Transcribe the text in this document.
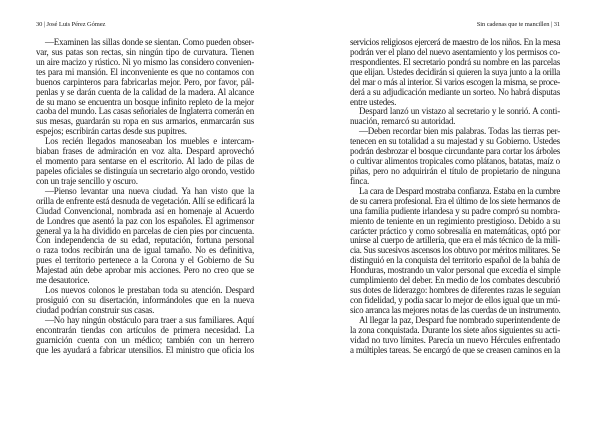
30 | José Luis Pérez Gómez
—Examinen las sillas donde se sientan. Como pueden obser-
var, sus patas son rectas, sin ningún tipo de curvatura. Tienen
un aire macizo y rústico. Ni yo mismo las considero convenien-
tes para mi mansión. El inconveniente es que no contamos con
buenos carpinteros para fabricarlas mejor. Pero, por favor, pál-
penlas y se darán cuenta de la calidad de la madera. Al alcance
de su mano se encuentra un bosque infinito repleto de la mejor
caoba del mundo. Las casas señoriales de Inglaterra comerán en
sus mesas, guardarán su ropa en sus armarios, enmarcarán sus
espejos; escribirán cartas desde sus pupitres.
Los recién llegados manoseaban los muebles e intercam-
biaban frases de admiración en voz alta. Despard aprovechó
el momento para sentarse en el escritorio. Al lado de pilas de
papeles oficiales se distinguía un secretario algo orondo, vestido
con un traje sencillo y oscuro.
—Pienso levantar una nueva ciudad. Ya han visto que la
orilla de enfrente está desnuda de vegetación. Allí se edificará la
Ciudad Convencional, nombrada así en homenaje al Acuerdo
de Londres que asentó la paz con los españoles. El agrimensor
general ya la ha dividido en parcelas de cien pies por cincuenta.
Con independencia de su edad, reputación, fortuna personal
o raza todos recibirán una de igual tamaño. No es definitiva,
pues el territorio pertenece a la Corona y el Gobierno de Su
Majestad aún debe aprobar mis acciones. Pero no creo que se
me desautorice.
Los nuevos colonos le prestaban toda su atención. Despard
prosiguió con su disertación, informándoles que en la nueva
ciudad podrían construir sus casas.
—No hay ningún obstáculo para traer a sus familiares. Aquí
encontrarán tiendas con artículos de primera necesidad. La
guarnición cuenta con un médico; también con un herrero
que les ayudará a fabricar utensilios. El ministro que oficia los
Sin cadenas que te mancillen | 31
servicios religiosos ejercerá de maestro de los niños. En la mesa
podrán ver el plano del nuevo asentamiento y los permisos co-
rrespondientes. El secretario pondrá su nombre en las parcelas
que elijan. Ustedes decidirán si quieren la suya junto a la orilla
del mar o más al interior. Si varios escogen la misma, se proce-
derá a su adjudicación mediante un sorteo. No habrá disputas
entre ustedes.
Despard lanzó un vistazo al secretario y le sonrió. A conti-
nuación, remarcó su autoridad.
—Deben recordar bien mis palabras. Todas las tierras per-
tenecen en su totalidad a su majestad y su Gobierno. Ustedes
podrán desbrozar el bosque circundante para cortar los árboles
o cultivar alimentos tropicales como plátanos, batatas, maíz o
piñas, pero no adquirirán el título de propietario de ninguna
finca.
La cara de Despard mostraba confianza. Estaba en la cumbre
de su carrera profesional. Era el último de los siete hermanos de
una familia pudiente irlandesa y su padre compró su nombra-
miento de teniente en un regimiento prestigioso. Debido a su
carácter práctico y como sobresalía en matemáticas, optó por
unirse al cuerpo de artillería, que era el más técnico de la mili-
cia. Sus sucesivos ascensos los obtuvo por méritos militares. Se
distinguió en la conquista del territorio español de la bahía de
Honduras, mostrando un valor personal que excedía el simple
cumplimiento del deber. En medio de los combates descubrió
sus dotes de liderazgo: hombres de diferentes razas le seguían
con fidelidad, y podía sacar lo mejor de ellos igual que un mú-
sico arranca las mejores notas de las cuerdas de un instrumento.
Al llegar la paz, Despard fue nombrado superintendente de
la zona conquistada. Durante los siete años siguientes su acti-
vidad no tuvo límites. Parecía un nuevo Hércules enfrentado
a múltiples tareas. Se encargó de que se creasen caminos en la
